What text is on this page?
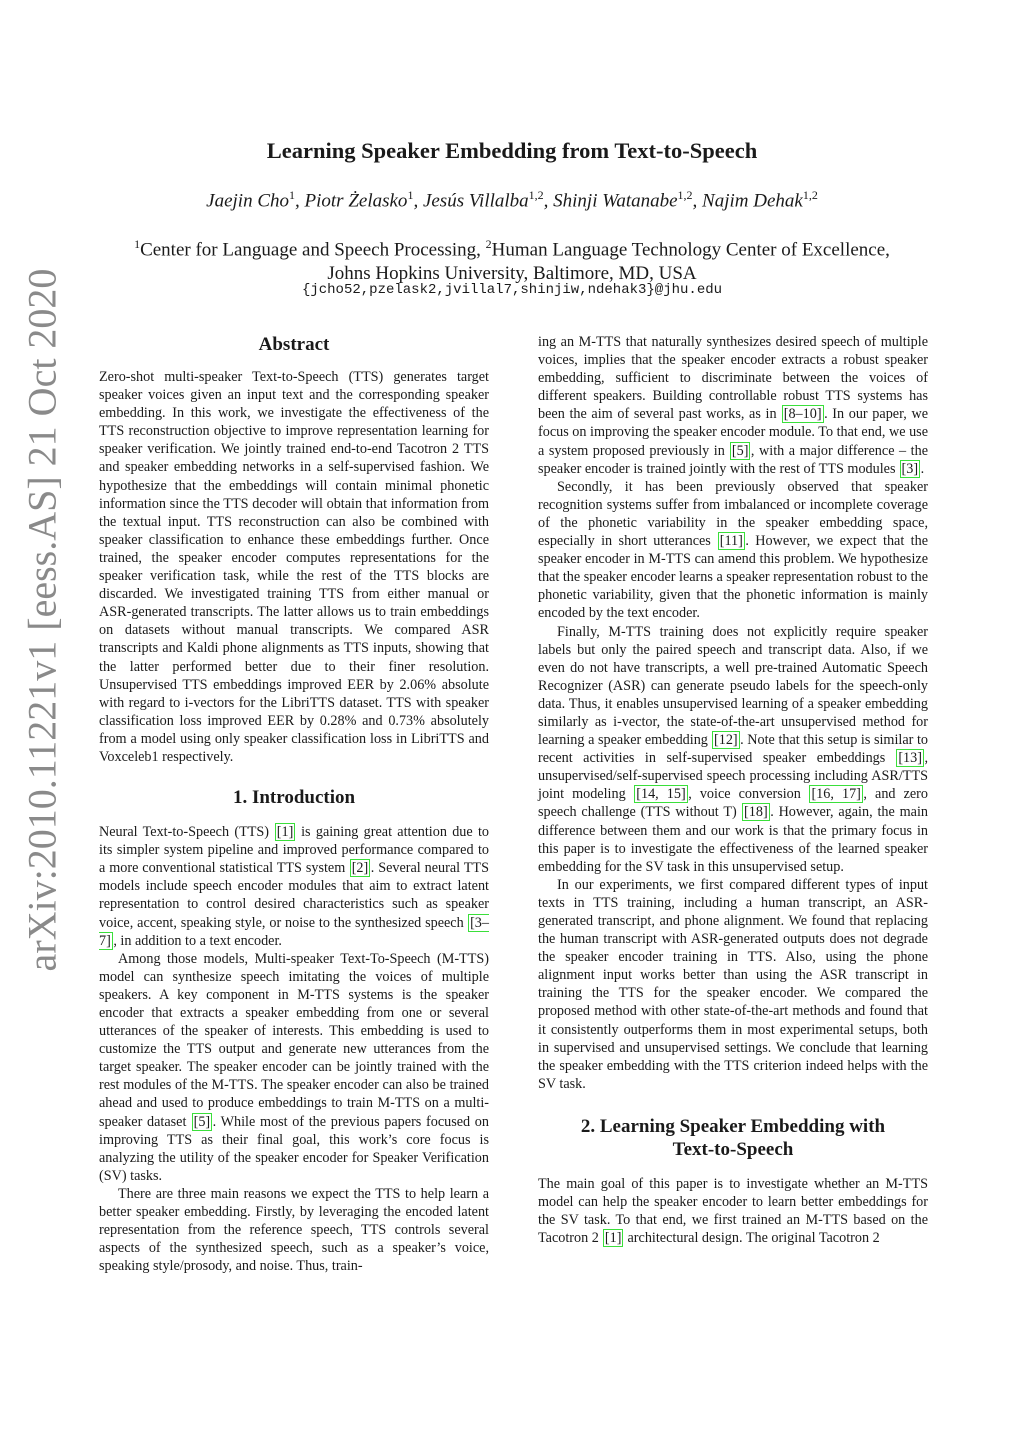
arXiv:2010.11221v1 [eess.AS] 21 Oct 2020
Learning Speaker Embedding from Text-to-Speech
Jaejin Cho$^1$, Piotr Żelasko$^1$, Jesús Villalba$^{1,2}$, Shinji Watanabe$^{1,2}$, Najim Dehak$^{1,2}$
$^1$Center for Language and Speech Processing, $^2$Human Language Technology Center of Excellence,
Johns Hopkins University, Baltimore, MD, USA
{jcho52,pzelask2,jvillal7,shinjiw,ndehak3}@jhu.edu
Abstract

Zero-shot multi-speaker Text-to-Speech (TTS) generates target speaker voices given an input text and the corresponding speaker embedding. In this work, we investigate the effectiveness of the TTS reconstruction objective to improve representation learning for speaker verification. We jointly trained end-to-end Tacotron 2 TTS and speaker embedding networks in a self-supervised fashion. We hypothesize that the embeddings will contain minimal phonetic information since the TTS decoder will obtain that information from the textual input. TTS reconstruction can also be combined with speaker classification to enhance these embeddings further. Once trained, the speaker encoder computes representations for the speaker verification task, while the rest of the TTS blocks are discarded. We investigated training TTS from either manual or ASR-generated transcripts. The latter allows us to train embeddings on datasets without manual transcripts. We compared ASR transcripts and Kaldi phone alignments as TTS inputs, showing that the latter performed better due to their finer resolution. Unsupervised TTS embeddings improved EER by 2.06% absolute with regard to i-vectors for the LibriTTS dataset. TTS with speaker classification loss improved EER by 0.28% and 0.73% absolutely from a model using only speaker classification loss in LibriTTS and Voxceleb1 respectively.

1. Introduction

Neural Text-to-Speech (TTS) [1] is gaining great attention due to its simpler system pipeline and improved performance compared to a more conventional statistical TTS system [2] . Several neural TTS models include speech encoder modules that aim to extract latent representation to control desired characteristics such as speaker voice, accent, speaking style, or noise to the synthesized speech [3–7] , in addition to a text encoder.

Among those models, Multi-speaker Text-To-Speech (M-TTS) model can synthesize speech imitating the voices of multiple speakers. A key component in M-TTS systems is the speaker encoder that extracts a speaker embedding from one or several utterances of the speaker of interests. This embedding is used to customize the TTS output and generate new utterances from the target speaker. The speaker encoder can be jointly trained with the rest modules of the M-TTS. The speaker encoder can also be trained ahead and used to produce embeddings to train M-TTS on a multi-speaker dataset [5] . While most of the previous papers focused on improving TTS as their final goal, this work’s core focus is analyzing the utility of the speaker encoder for Speaker Verification (SV) tasks.

There are three main reasons we expect the TTS to help learn a better speaker embedding. Firstly, by leveraging the encoded latent representation from the reference speech, TTS controls several aspects of the synthesized speech, such as a speaker’s voice, speaking style/prosody, and noise. Thus, train-

ing an M-TTS that naturally synthesizes desired speech of multiple voices, implies that the speaker encoder extracts a robust speaker embedding, sufficient to discriminate between the voices of different speakers. Building controllable robust TTS systems has been the aim of several past works, as in [8–10] . In our paper, we focus on improving the speaker encoder module. To that end, we use a system proposed previously in [5] , with a major difference – the speaker encoder is trained jointly with the rest of TTS modules [3] .

Secondly, it has been previously observed that speaker recognition systems suffer from imbalanced or incomplete coverage of the phonetic variability in the speaker embedding space, especially in short utterances [11] . However, we expect that the speaker encoder in M-TTS can amend this problem. We hypothesize that the speaker encoder learns a speaker representation robust to the phonetic variability, given that the phonetic information is mainly encoded by the text encoder.

Finally, M-TTS training does not explicitly require speaker labels but only the paired speech and transcript data. Also, if we even do not have transcripts, a well pre-trained Automatic Speech Recognizer (ASR) can generate pseudo labels for the speech-only data. Thus, it enables unsupervised learning of a speaker embedding similarly as i-vector, the state-of-the-art unsupervised method for learning a speaker embedding [12] . Note that this setup is similar to recent activities in self-supervised speaker embeddings [13] , unsupervised/self-supervised speech processing including ASR/TTS joint modeling [14, 15] , voice conversion [16, 17] , and zero speech challenge (TTS without T) [18] . However, again, the main difference between them and our work is that the primary focus in this paper is to investigate the effectiveness of the learned speaker embedding for the SV task in this unsupervised setup.

In our experiments, we first compared different types of input texts in TTS training, including a human transcript, an ASR-generated transcript, and phone alignment. We found that replacing the human transcript with ASR-generated outputs does not degrade the speaker encoder training in TTS. Also, using the phone alignment input works better than using the ASR transcript in training the TTS for the speaker encoder. We compared the proposed method with other state-of-the-art methods and found that it consistently outperforms them in most experimental setups, both in supervised and unsupervised settings. We conclude that learning the speaker embedding with the TTS criterion indeed helps with the SV task.

2. Learning Speaker Embedding with
Text-to-Speech

The main goal of this paper is to investigate whether an M-TTS model can help the speaker encoder to learn better embeddings for the SV task. To that end, we first trained an M-TTS based on the Tacotron 2 [1] architectural design. The original Tacotron 2
